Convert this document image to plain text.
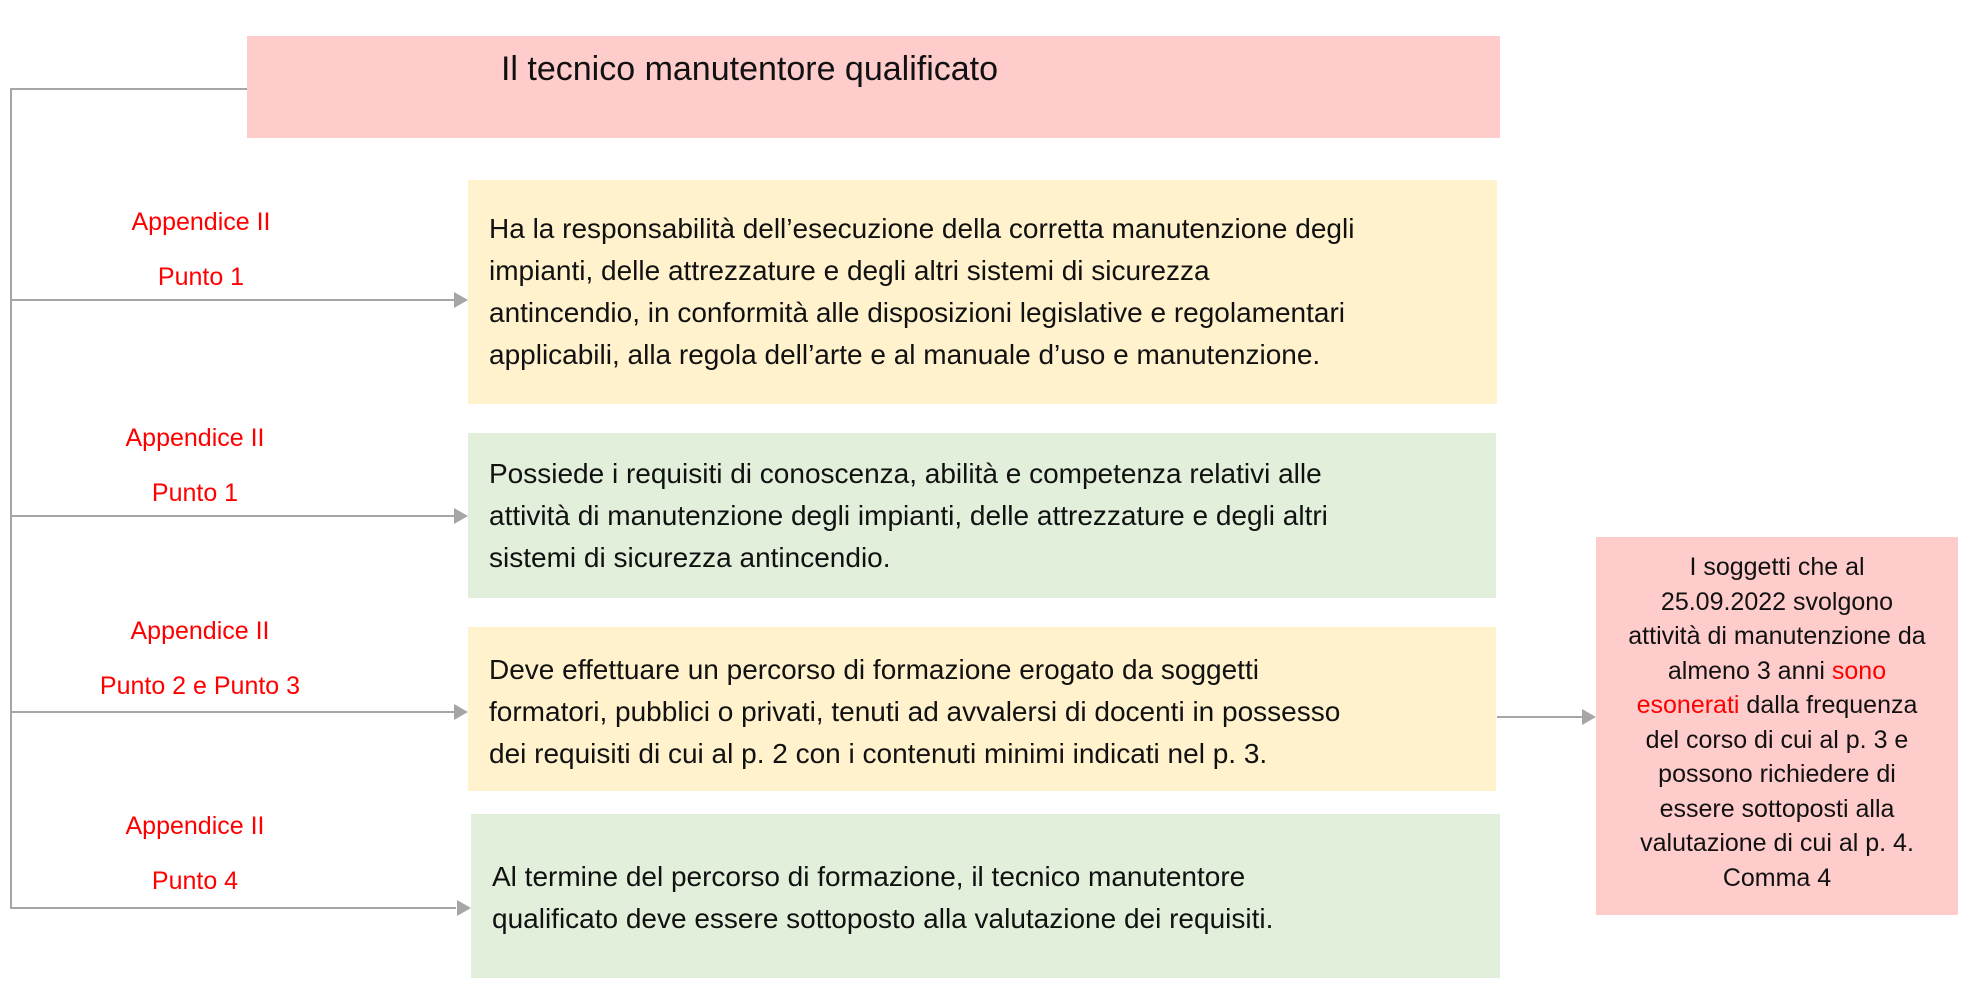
Il tecnico manutentore qualificato
Appendice II
Punto 1
Appendice II
Punto 1
Appendice II
Punto 2 e Punto 3
Appendice II
Punto 4
Ha la responsabilità dell’esecuzione della corretta manutenzione degli
impianti, delle attrezzature e degli altri sistemi di sicurezza
antincendio, in conformità alle disposizioni legislative e regolamentari
applicabili, alla regola dell’arte e al manuale d’uso e manutenzione.
Possiede i requisiti di conoscenza, abilità e competenza relativi alle
attività di manutenzione degli impianti, delle attrezzature e degli altri
sistemi di sicurezza antincendio.
Deve effettuare un percorso di formazione erogato da soggetti
formatori, pubblici o privati, tenuti ad avvalersi di docenti in possesso
dei requisiti di cui al p. 2 con i contenuti minimi indicati nel p. 3.
Al termine del percorso di formazione, il tecnico manutentore
qualificato deve essere sottoposto alla valutazione dei requisiti.
I soggetti che al
25.09.2022 svolgono
attività di manutenzione da
almeno 3 anni sono
esonerati dalla frequenza
del corso di cui al p. 3 e
possono richiedere di
essere sottoposti alla
valutazione di cui al p. 4.
Comma 4
